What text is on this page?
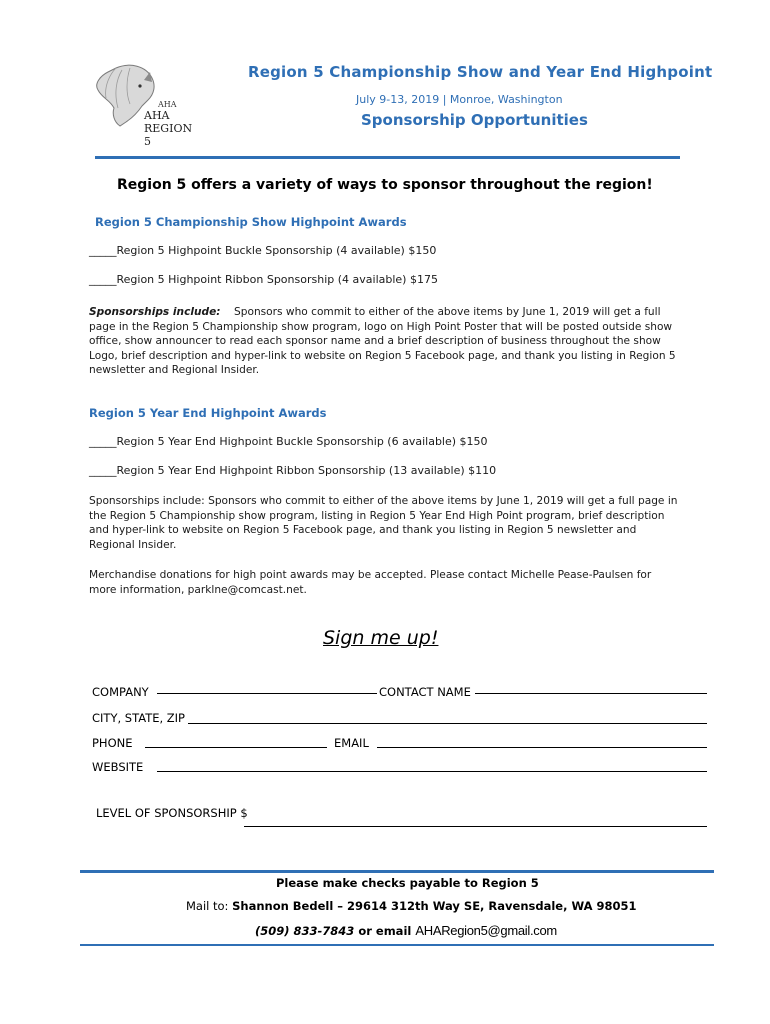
AHA
AHA REGION 5
Region 5 Championship Show and Year End Highpoint
July 9-13, 2019 | Monroe, Washington
Sponsorship Opportunities
Region 5 offers a variety of ways to sponsor throughout the region!
Region 5 Championship Show Highpoint Awards
_____Region 5 Highpoint Buckle Sponsorship (4 available) $150
_____Region 5 Highpoint Ribbon Sponsorship (4 available) $175
Sponsorships include: Sponsors who commit to either of the above items by June 1, 2019 will get a full page in the Region 5 Championship show program, logo on High Point Poster that will be posted outside show office, show announcer to read each sponsor name and a brief description of business throughout the show Logo, brief description and hyper-link to website on Region 5 Facebook page, and thank you listing in Region 5 newsletter and Regional Insider.
Region 5 Year End Highpoint Awards
_____Region 5 Year End Highpoint Buckle Sponsorship (6 available) $150
_____Region 5 Year End Highpoint Ribbon Sponsorship (13 available) $110
Sponsorships include: Sponsors who commit to either of the above items by June 1, 2019 will get a full page in the Region 5 Championship show program, listing in Region 5 Year End High Point program, brief description and hyper-link to website on Region 5 Facebook page, and thank you listing in Region 5 newsletter and Regional Insider.
Merchandise donations for high point awards may be accepted. Please contact Michelle Pease-Paulsen for more information, parklne@comcast.net.
Sign me up!
COMPANY	CONTACT NAME
CITY, STATE, ZIP
PHONE	EMAIL
WEBSITE
LEVEL OF SPONSORSHIP $
Please make checks payable to Region 5
Mail to: Shannon Bedell – 29614 312th Way SE, Ravensdale, WA 98051
(509) 833-7843 or email AHARegion5@gmail.com
